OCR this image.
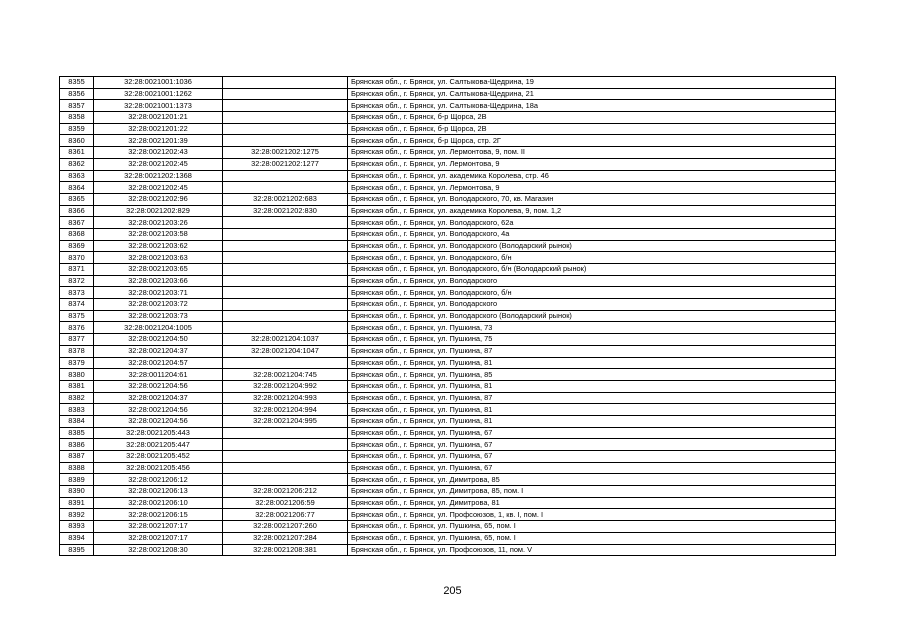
8355	32:28:0021001:1036		Брянская обл., г. Брянск, ул. Салтыкова-Щедрина, 19
8356	32:28:0021001:1262		Брянская обл., г. Брянск, ул. Салтыкова-Щедрина, 21
8357	32:28:0021001:1373		Брянская обл., г. Брянск, ул. Салтыкова-Щедрина, 18а
8358	32:28:0021201:21		Брянская обл., г. Брянск, б-р Щорса, 2В
8359	32:28:0021201:22		Брянская обл., г. Брянск, б-р Щорса, 2В
8360	32:28:0021201:39		Брянская обл., г. Брянск, б-р Щорса, стр. 2Г
8361	32:28:0021202:43	32:28:0021202:1275	Брянская обл., г. Брянск, ул. Лермонтова, 9, пом. II
8362	32:28:0021202:45	32:28:0021202:1277	Брянская обл., г. Брянск, ул. Лермонтова, 9
8363	32:28:0021202:1368		Брянская обл., г. Брянск, ул. академика Королева, стр. 46
8364	32:28:0021202:45		Брянская обл., г. Брянск, ул. Лермонтова, 9
8365	32:28:0021202:96	32:28:0021202:683	Брянская обл., г. Брянск, ул. Володарского, 70, кв. Магазин
8366	32:28:0021202:829	32:28:0021202:830	Брянская обл., г. Брянск, ул. академика Королева, 9, пом. 1,2
8367	32:28:0021203:26		Брянская обл., г. Брянск, ул. Володарского, 62а
8368	32:28:0021203:58		Брянская обл., г. Брянск, ул. Володарского, 4а
8369	32:28:0021203:62		Брянская обл., г. Брянск, ул. Володарского (Володарский рынок)
8370	32:28:0021203:63		Брянская обл., г. Брянск, ул. Володарского, б/н
8371	32:28:0021203:65		Брянская обл., г. Брянск, ул. Володарского, б/н (Володарский рынок)
8372	32:28:0021203:66		Брянская обл., г. Брянск, ул. Володарского
8373	32:28:0021203:71		Брянская обл., г. Брянск, ул. Володарского, б/н
8374	32:28:0021203:72		Брянская обл., г. Брянск, ул. Володарского
8375	32:28:0021203:73		Брянская обл., г. Брянск, ул. Володарского (Володарский рынок)
8376	32:28:0021204:1005		Брянская обл., г. Брянск, ул. Пушкина, 73
8377	32:28:0021204:50	32:28:0021204:1037	Брянская обл., г. Брянск, ул. Пушкина, 75
8378	32:28:0021204:37	32:28:0021204:1047	Брянская обл., г. Брянск, ул. Пушкина, 87
8379	32:28:0021204:57		Брянская обл., г. Брянск, ул. Пушкина, 81
8380	32:28:0011204:61	32:28:0021204:745	Брянская обл., г. Брянск, ул. Пушкина, 85
8381	32:28:0021204:56	32:28:0021204:992	Брянская обл., г. Брянск, ул. Пушкина, 81
8382	32:28:0021204:37	32:28:0021204:993	Брянская обл., г. Брянск, ул. Пушкина, 87
8383	32:28:0021204:56	32:28:0021204:994	Брянская обл., г. Брянск, ул. Пушкина, 81
8384	32:28:0021204:56	32:28:0021204:995	Брянская обл., г. Брянск, ул. Пушкина, 81
8385	32:28:0021205:443		Брянская обл., г. Брянск, ул. Пушкина, 67
8386	32:28:0021205:447		Брянская обл., г. Брянск, ул. Пушкина, 67
8387	32:28:0021205:452		Брянская обл., г. Брянск, ул. Пушкина, 67
8388	32:28:0021205:456		Брянская обл., г. Брянск, ул. Пушкина, 67
8389	32:28:0021206:12		Брянская обл., г. Брянск, ул. Димитрова, 85
8390	32:28:0021206:13	32:28:0021206:212	Брянская обл., г. Брянск, ул. Димитрова, 85, пом. I
8391	32:28:0021206:10	32:28:0021206:59	Брянская обл., г. Брянск, ул. Димитрова, 81
8392	32:28:0021206:15	32:28:0021206:77	Брянская обл., г. Брянск, ул. Профсоюзов, 1, кв. I, пом. I
8393	32:28:0021207:17	32:28:0021207:260	Брянская обл., г. Брянск, ул. Пушкина, 65, пом. I
8394	32:28:0021207:17	32:28:0021207:284	Брянская обл., г. Брянск, ул. Пушкина, 65, пом. I
8395	32:28:0021208:30	32:28:0021208:381	Брянская обл., г. Брянск, ул. Профсоюзов, 11, пом. V
205
